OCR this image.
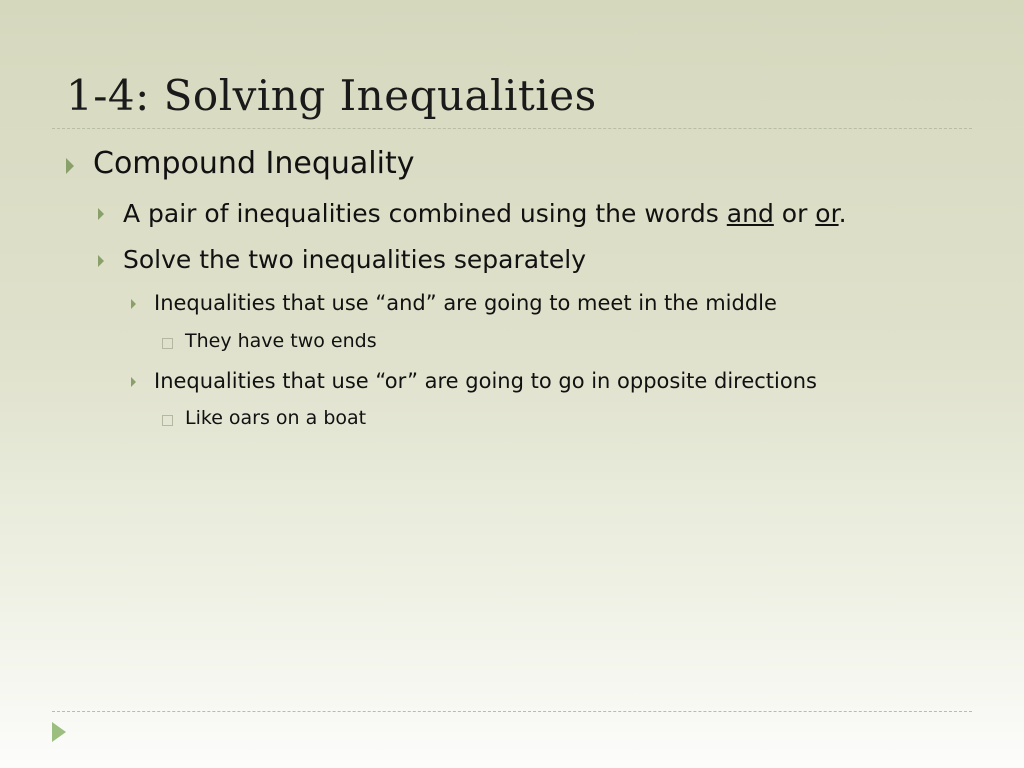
1-4: Solving Inequalities
Compound Inequality
A pair of inequalities combined using the words and or or.
Solve the two inequalities separately
Inequalities that use “and” are going to meet in the middle
They have two ends
Inequalities that use “or” are going to go in opposite directions
Like oars on a boat
